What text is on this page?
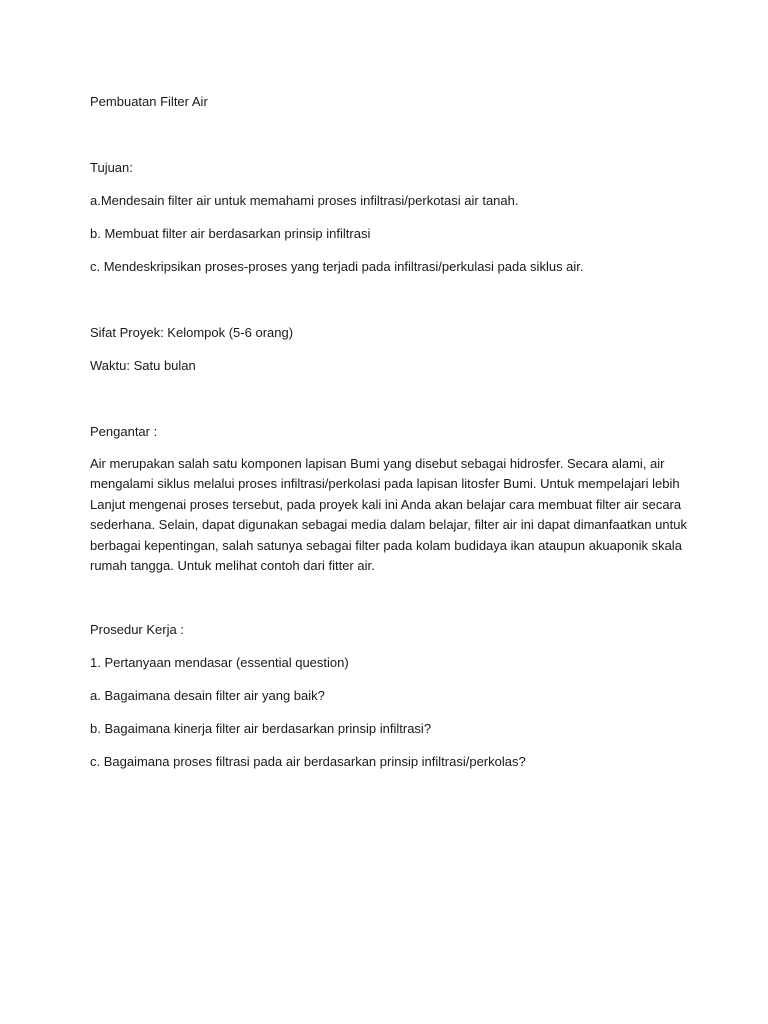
Pembuatan Filter Air
Tujuan:
a.Mendesain filter air untuk memahami proses infiltrasi/perkotasi air tanah.
b. Membuat filter air berdasarkan prinsip infiltrasi
c. Mendeskripsikan proses-proses yang terjadi pada infiltrasi/perkulasi pada siklus air.
Sifat Proyek: Kelompok (5-6 orang)
Waktu: Satu bulan
Pengantar :
Air merupakan salah satu komponen lapisan Bumi yang disebut sebagai hidrosfer. Secara alami, air
mengalami siklus melalui proses infiltrasi/perkolasi pada lapisan litosfer Bumi. Untuk mempelajari lebih
Lanjut mengenai proses tersebut, pada proyek kali ini Anda akan belajar cara membuat filter air secara
sederhana. Selain, dapat digunakan sebagai media dalam belajar, filter air ini dapat dimanfaatkan untuk
berbagai kepentingan, salah satunya sebagai filter pada kolam budidaya ikan ataupun akuaponik skala
rumah tangga. Untuk melihat contoh dari fitter air.
Prosedur Kerja :
1. Pertanyaan mendasar (essential question)
a. Bagaimana desain filter air yang baik?
b. Bagaimana kinerja filter air berdasarkan prinsip infiltrasi?
c. Bagaimana proses filtrasi pada air berdasarkan prinsip infiltrasi/perkolas?
